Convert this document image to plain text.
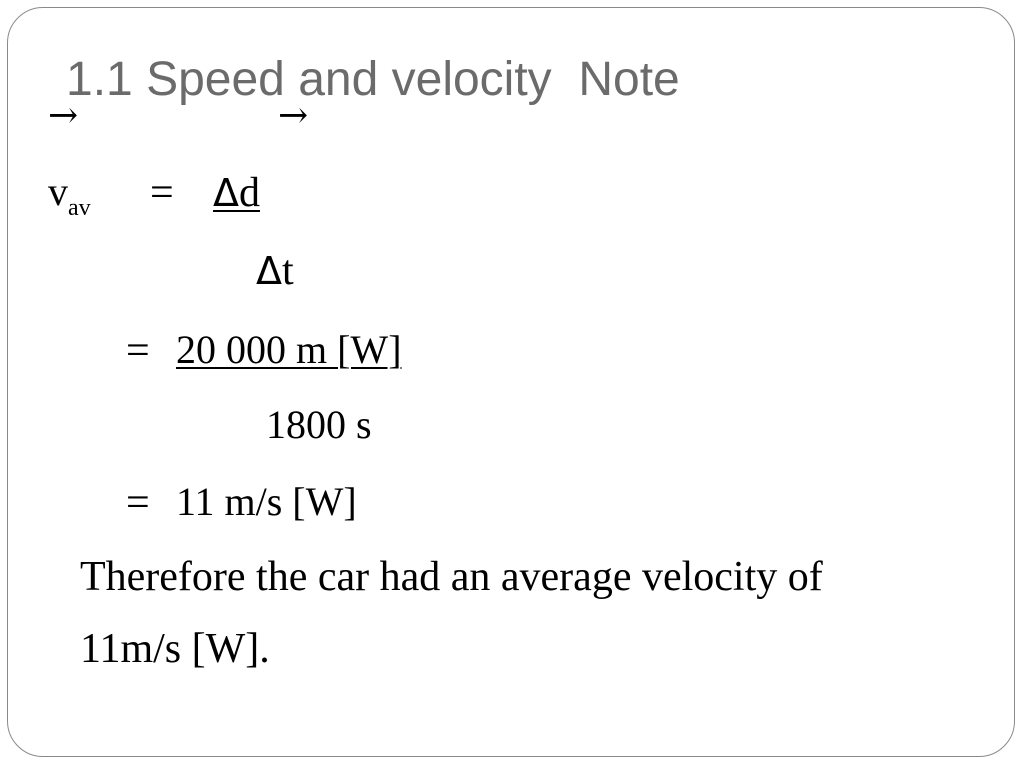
1.1 Speed and velocity  Note
→	→
$v_{av} = \Delta d$
Δt
= 20 000 m [W]
1800 s
= 11 m/s [W]
Therefore the car had an average velocity of
11m/s [W].
